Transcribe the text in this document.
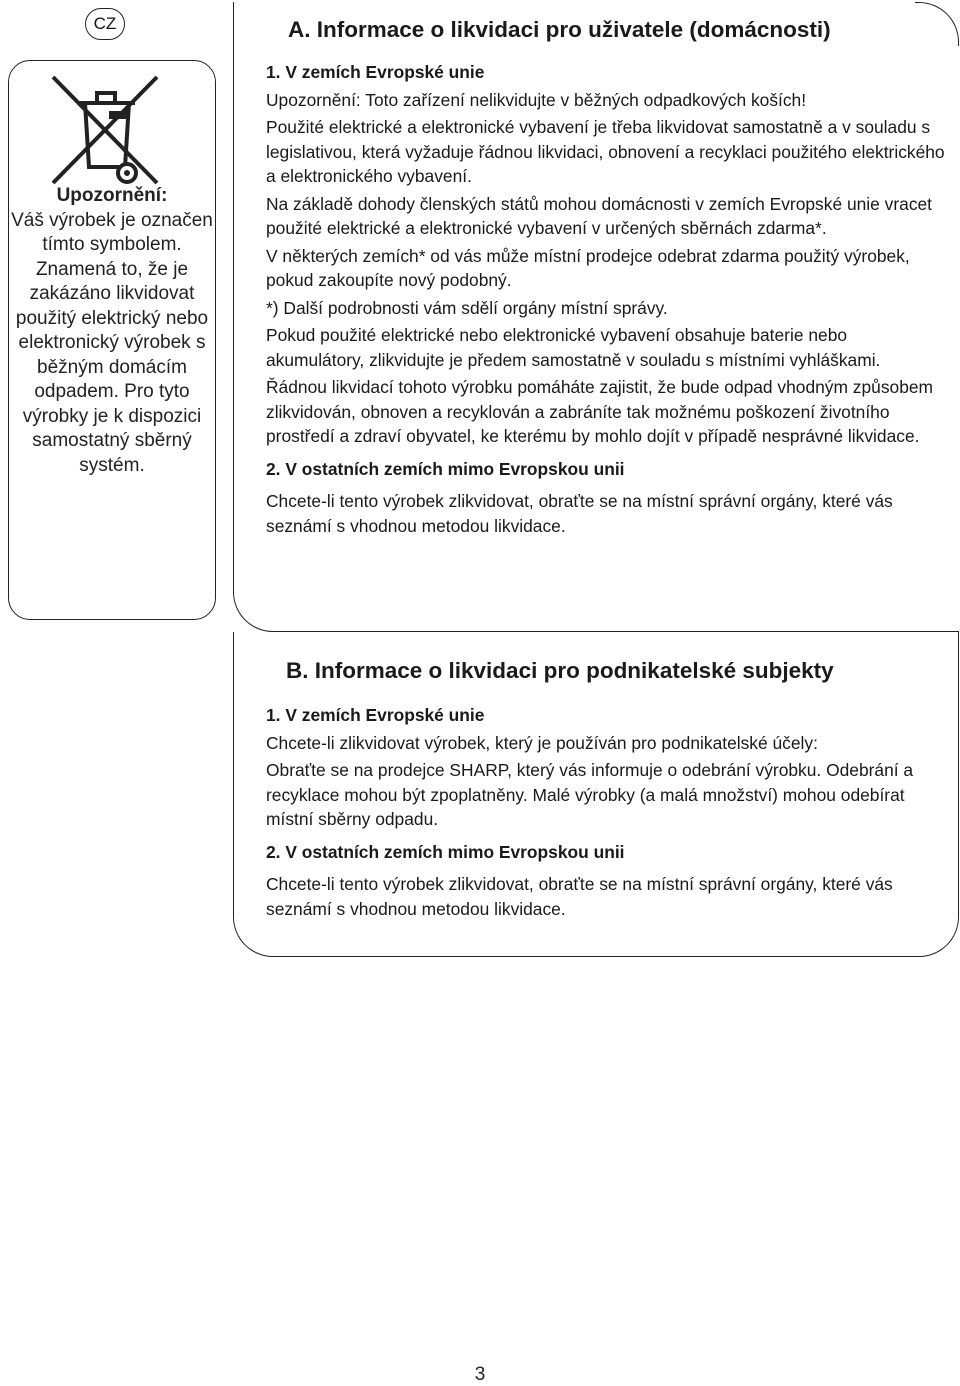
CZ
Upozornění:
Váš výrobek je označen tímto symbolem. Znamená to, že je zakázáno likvidovat použitý elektrický nebo elektronický výrobek s běžným domácím odpadem. Pro tyto výrobky je k dispozici samostatný sběrný systém.

A. Informace o likvidaci pro uživatele (domácnosti)

1. V zemích Evropské unie

Upozornění: Toto zařízení nelikvidujte v běžných odpadkových koších!

Použité elektrické a elektronické vybavení je třeba likvidovat samostatně a v souladu s legislativou, která vyžaduje řádnou likvidaci, obnovení a recyklaci použitého elektrického a elektronického vybavení.

Na základě dohody členských států mohou domácnosti v zemích Evropské unie vracet použité elektrické a elektronické vybavení v určených sběrnách zdarma*.

V některých zemích* od vás může místní prodejce odebrat zdarma použitý výrobek, pokud zakoupíte nový podobný.

*) Další podrobnosti vám sdělí orgány místní správy.

Pokud použité elektrické nebo elektronické vybavení obsahuje baterie nebo akumulátory, zlikvidujte je předem samostatně v souladu s místními vyhláškami.

Řádnou likvidací tohoto výrobku pomáháte zajistit, že bude odpad vhodným způsobem zlikvidován, obnoven a recyklován a zabráníte tak možnému poškození životního prostředí a zdraví obyvatel, ke kterému by mohlo dojít v případě nesprávné likvidace.

2. V ostatních zemích mimo Evropskou unii

Chcete-li tento výrobek zlikvidovat, obraťte se na místní správní orgány, které vás seznámí s vhodnou metodou likvidace.

B. Informace o likvidaci pro podnikatelské subjekty

1. V zemích Evropské unie

Chcete-li zlikvidovat výrobek, který je používán pro podnikatelské účely:

Obraťte se na prodejce SHARP, který vás informuje o odebrání výrobku. Odebrání a recyklace mohou být zpoplatněny. Malé výrobky (a malá množství) mohou odebírat místní sběrny odpadu.

2. V ostatních zemích mimo Evropskou unii

Chcete-li tento výrobek zlikvidovat, obraťte se na místní správní orgány, které vás seznámí s vhodnou metodou likvidace.

3
